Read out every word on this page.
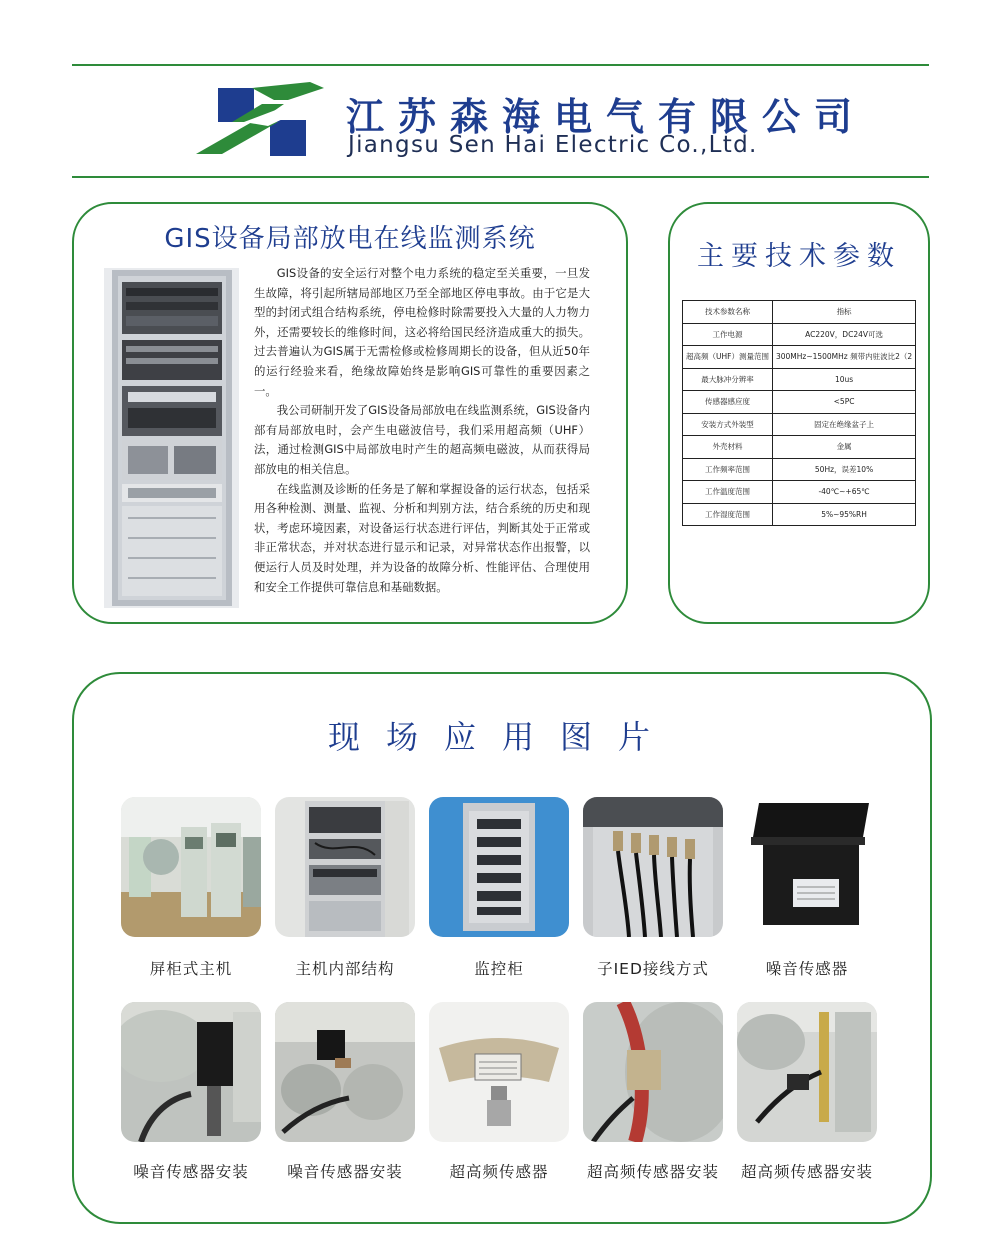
江苏森海电气有限公司
Jiangsu Sen Hai Electric Co.,Ltd.
GIS设备局部放电在线监测系统

GIS设备的安全运行对整个电力系统的稳定至关重要，一旦发生故障，将引起所辖局部地区乃至全部地区停电事故。由于它是大型的封闭式组合结构系统，停电检修时除需要投入大量的人力物力外，还需要较长的维修时间，这必将给国民经济造成重大的损失。过去普遍认为GIS属于无需检修或检修周期长的设备，但从近50年的运行经验来看，绝缘故障始终是影响GIS可靠性的重要因素之一。

我公司研制开发了GIS设备局部放电在线监测系统，GIS设备内部有局部放电时，会产生电磁波信号，我们采用超高频（UHF）法，通过检测GIS中局部放电时产生的超高频电磁波，从而获得局部放电的相关信息。

在线监测及诊断的任务是了解和掌握设备的运行状态，包括采用各种检测、测量、监视、分析和判别方法，结合系统的历史和现状，考虑环境因素，对设备运行状态进行评估，判断其处于正常或非正常状态，并对状态进行显示和记录，对异常状态作出报警，以便运行人员及时处理，并为设备的故障分析、性能评估、合理使用和安全工作提供可靠信息和基础数据。

主要技术参数
技术参数名称	指标
工作电源	AC220V，DC24V可选
超高频（UHF）测量范围	300MHz~1500MHz 频带内驻波比2（2
最大脉冲分辨率	10us
传感器感应度	<5PC
安装方式外装型	固定在绝缘盆子上
外壳材料	金属
工作频率范围	50Hz，误差10%
工作温度范围	-40℃~+65℃
工作湿度范围	5%~95%RH
现场应用图片
屏柜式主机	主机内部结构	监控柜	子IED接线方式	噪音传感器
噪音传感器安装	噪音传感器安装	超高频传感器	超高频传感器安装	超高频传感器安装
